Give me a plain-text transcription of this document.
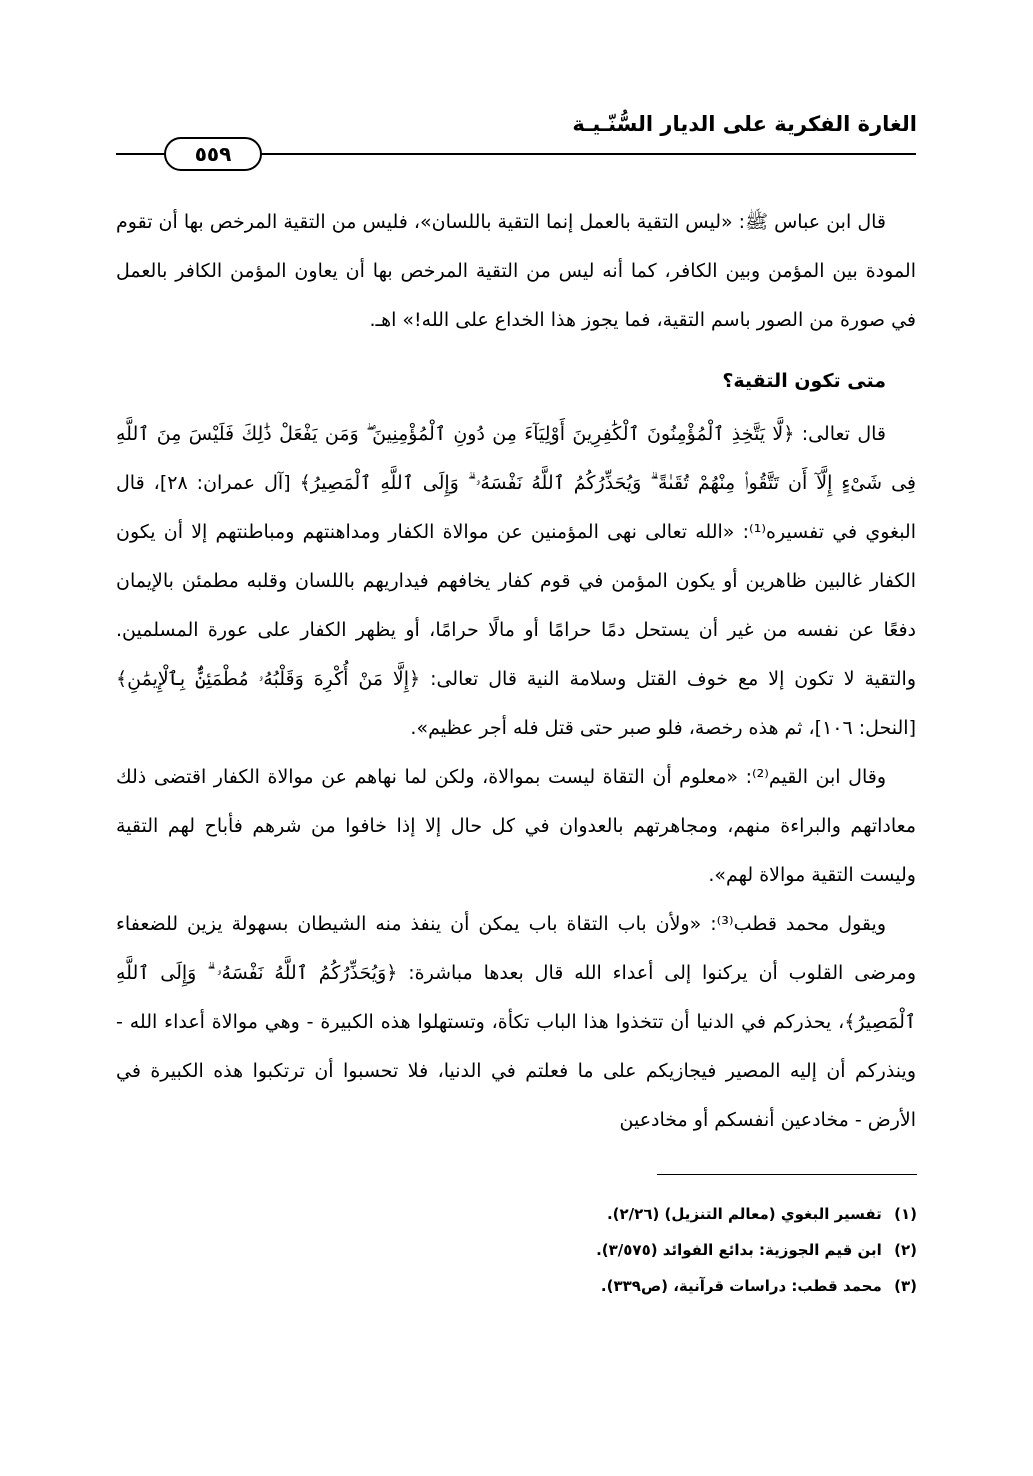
الغارة الفكرية على الديار السُّنّـيـة
٥٥٩

قال ابن عباس ﷺ: «ليس التقية بالعمل إنما التقية باللسان»، فليس من التقية المرخص بها أن تقوم المودة بين المؤمن وبين الكافر، كما أنه ليس من التقية المرخص بها أن يعاون المؤمن الكافر بالعمل في صورة من الصور باسم التقية، فما يجوز هذا الخداع على الله!» اهـ.

متى تكون التقية؟

قال تعالى: ﴿لَّا يَتَّخِذِ ٱلْمُؤْمِنُونَ ٱلْكَٰفِرِينَ أَوْلِيَآءَ مِن دُونِ ٱلْمُؤْمِنِينَ ۖ وَمَن يَفْعَلْ ذَٰلِكَ فَلَيْسَ مِنَ ٱللَّهِ فِى شَىْءٍ إِلَّآ أَن تَتَّقُوا۟ مِنْهُمْ تُقَىٰةً ۗ وَيُحَذِّرُكُمُ ٱللَّهُ نَفْسَهُۥ ۗ وَإِلَى ٱللَّهِ ٱلْمَصِيرُ﴾ [آل عمران: ٢٨]، قال البغوي في تفسيره⁽¹⁾: «الله تعالى نهى المؤمنين عن موالاة الكفار ومداهنتهم ومباطنتهم إلا أن يكون الكفار غالبين ظاهرين أو يكون المؤمن في قوم كفار يخافهم فيداريهم باللسان وقلبه مطمئن بالإيمان دفعًا عن نفسه من غير أن يستحل دمًا حرامًا أو مالًا حرامًا، أو يظهر الكفار على عورة المسلمين. والتقية لا تكون إلا مع خوف القتل وسلامة النية قال تعالى: ﴿إِلَّا مَنْ أُكْرِهَ وَقَلْبُهُۥ مُطْمَئِنٌّۢ بِٱلْإِيمَٰنِ﴾ [النحل: ١٠٦]، ثم هذه رخصة، فلو صبر حتى قتل فله أجر عظيم».

وقال ابن القيم⁽²⁾: «معلوم أن التقاة ليست بموالاة، ولكن لما نهاهم عن موالاة الكفار اقتضى ذلك معاداتهم والبراءة منهم، ومجاهرتهم بالعدوان في كل حال إلا إذا خافوا من شرهم فأباح لهم التقية وليست التقية موالاة لهم».

ويقول محمد قطب⁽³⁾: «ولأن باب التقاة باب يمكن أن ينفذ منه الشيطان بسهولة يزين للضعفاء ومرضى القلوب أن يركنوا إلى أعداء الله قال بعدها مباشرة: ﴿وَيُحَذِّرُكُمُ ٱللَّهُ نَفْسَهُۥ ۗ وَإِلَى ٱللَّهِ ٱلْمَصِيرُ﴾، يحذركم في الدنيا أن تتخذوا هذا الباب تكأة، وتستهلوا هذه الكبيرة - وهي موالاة أعداء الله - وينذركم أن إليه المصير فيجازيكم على ما فعلتم في الدنيا، فلا تحسبوا أن ترتكبوا هذه الكبيرة في الأرض - مخادعين أنفسكم أو مخادعين

(١) تفسير البغوي (معالم التنزيل) (٢/٢٦).
(٢) ابن قيم الجوزية: بدائع الفوائد (٣/٥٧٥).
(٣) محمد قطب: دراسات قرآنية، (ص٣٣٩).
